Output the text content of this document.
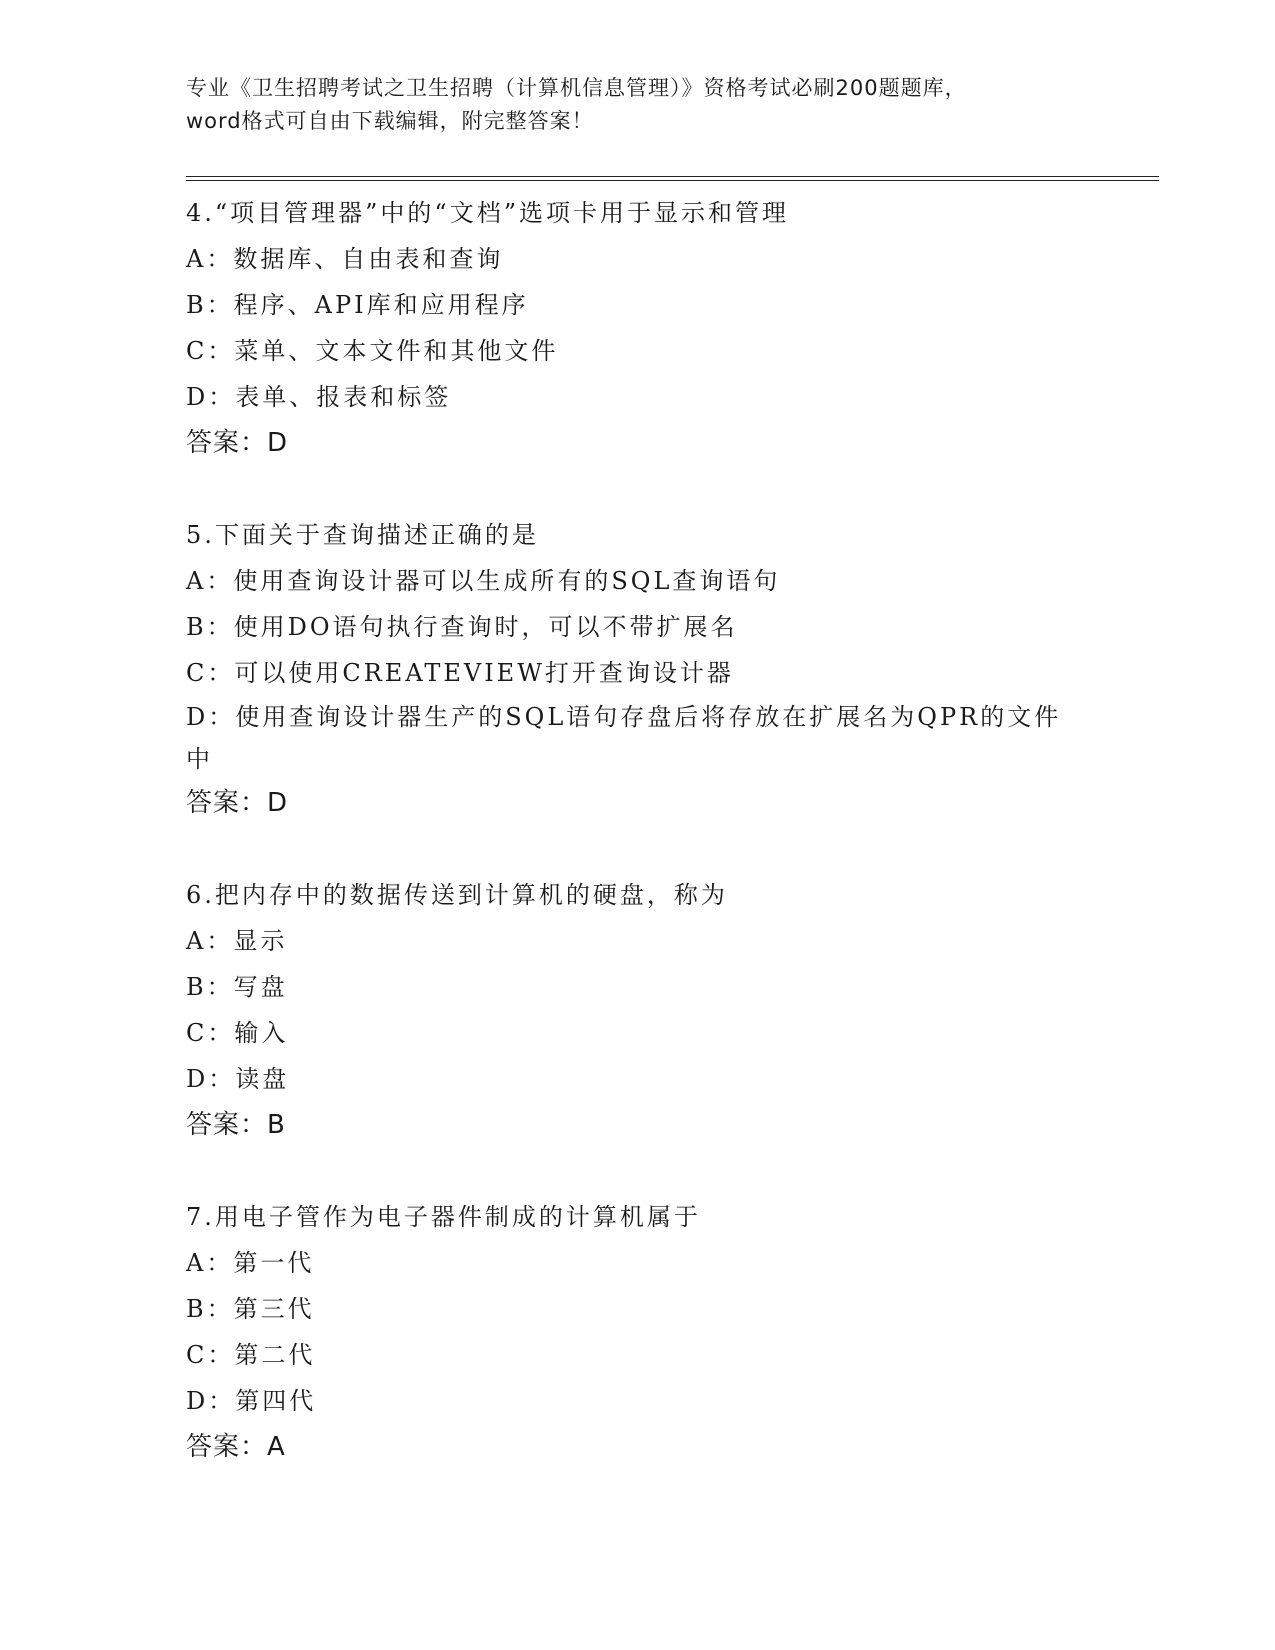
专业《卫生招聘考试之卫生招聘（计算机信息管理）》资格考试必刷200题题库，
word格式可自由下载编辑，附完整答案！
4.“项目管理器”中的“文档”选项卡用于显示和管理
A：数据库、自由表和查询
B：程序、API库和应用程序
C：菜单、文本文件和其他文件
D：表单、报表和标签
答案：D
5.下面关于查询描述正确的是
A：使用查询设计器可以生成所有的SQL查询语句
B：使用DO语句执行查询时，可以不带扩展名
C：可以使用CREATEVIEW打开查询设计器
D：使用查询设计器生产的SQL语句存盘后将存放在扩展名为QPR的文件中
答案：D
6.把内存中的数据传送到计算机的硬盘，称为
A：显示
B：写盘
C：输入
D：读盘
答案：B
7.用电子管作为电子器件制成的计算机属于
A：第一代
B：第三代
C：第二代
D：第四代
答案：A
